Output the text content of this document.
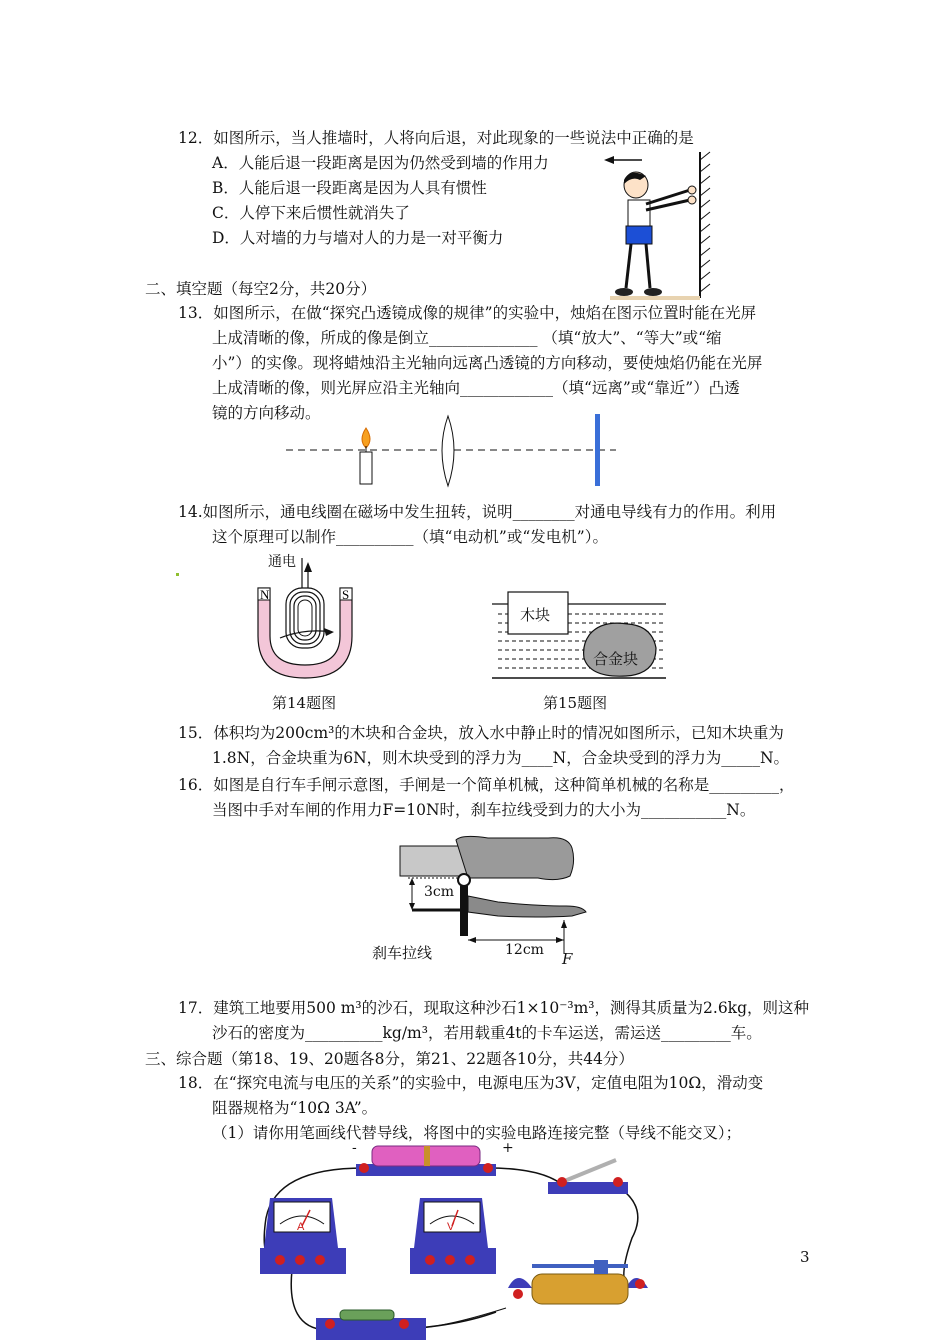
12．如图所示，当人推墙时，人将向后退，对此现象的一些说法中正确的是
A．人能后退一段距离是因为仍然受到墙的作用力
B．人能后退一段距离是因为人具有惯性
C．人停下来后惯性就消失了
D．人对墙的力与墙对人的力是一对平衡力
二、填空题（每空2分，共20分）
13．如图所示，在做“探究凸透镜成像的规律”的实验中，烛焰在图示位置时能在光屏
上成清晰的像，所成的像是倒立______________ （填“放大”、“等大”或“缩
小”）的实像。现将蜡烛沿主光轴向远离凸透镜的方向移动，要使烛焰仍能在光屏
上成清晰的像，则光屏应沿主光轴向____________（填“远离”或“靠近”）凸透
镜的方向移动。
14.如图所示，通电线圈在磁场中发生扭转，说明________对通电导线有力的作用。利用
这个原理可以制作__________（填“电动机”或“发电机”）。
N	S
通电
第14题图
木块
合金块
第15题图
15．体积均为200cm³的木块和合金块，放入水中静止时的情况如图所示，已知木块重为
1.8N，合金块重为6N，则木块受到的浮力为____N，合金块受到的浮力为_____N。
16．如图是自行车手闸示意图，手闸是一个简单机械，这种简单机械的名称是_________，
当图中手对车闸的作用力F=10N时，刹车拉线受到力的大小为___________N。
3cm
12cm F
刹车拉线
17．建筑工地要用500 m³的沙石，现取这种沙石1×10⁻³m³，测得其质量为2.6kg，则这种
沙石的密度为__________kg/m³，若用载重4t的卡车运送，需运送_________车。
三、综合题（第18、19、20题各8分，第21、22题各10分，共44分）
18．在“探究电流与电压的关系”的实验中，电源电压为3V，定值电阻为10Ω，滑动变
阻器规格为“10Ω 3A”。
（1）请你用笔画线代替导线，将图中的实验电路连接完整（导线不能交叉）；
A	V
-	+
3
